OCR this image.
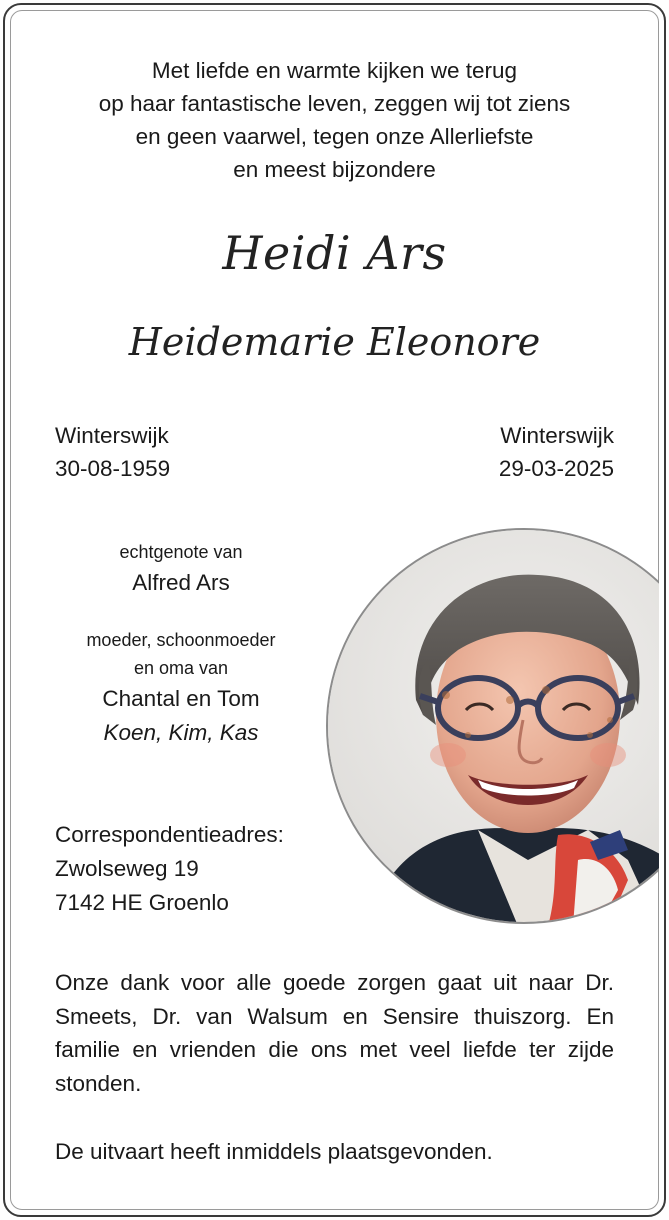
Met liefde en warmte kijken we terug
op haar fantastische leven, zeggen wij tot ziens
en geen vaarwel, tegen onze Allerliefste
en meest bijzondere
Heidi Ars
Heidemarie Eleonore
Winterswijk
30-08-1959
Winterswijk
29-03-2025
echtgenote van
Alfred Ars
moeder, schoonmoeder
en oma van
Chantal en Tom
Koen, Kim, Kas
Correspondentieadres:
Zwolseweg 19
7142 HE Groenlo
Onze dank voor alle goede zorgen gaat uit naar Dr. Smeets, Dr. van Walsum en Sensire thuiszorg. En familie en vrienden die ons met veel liefde ter zijde stonden.
De uitvaart heeft inmiddels plaatsgevonden.
